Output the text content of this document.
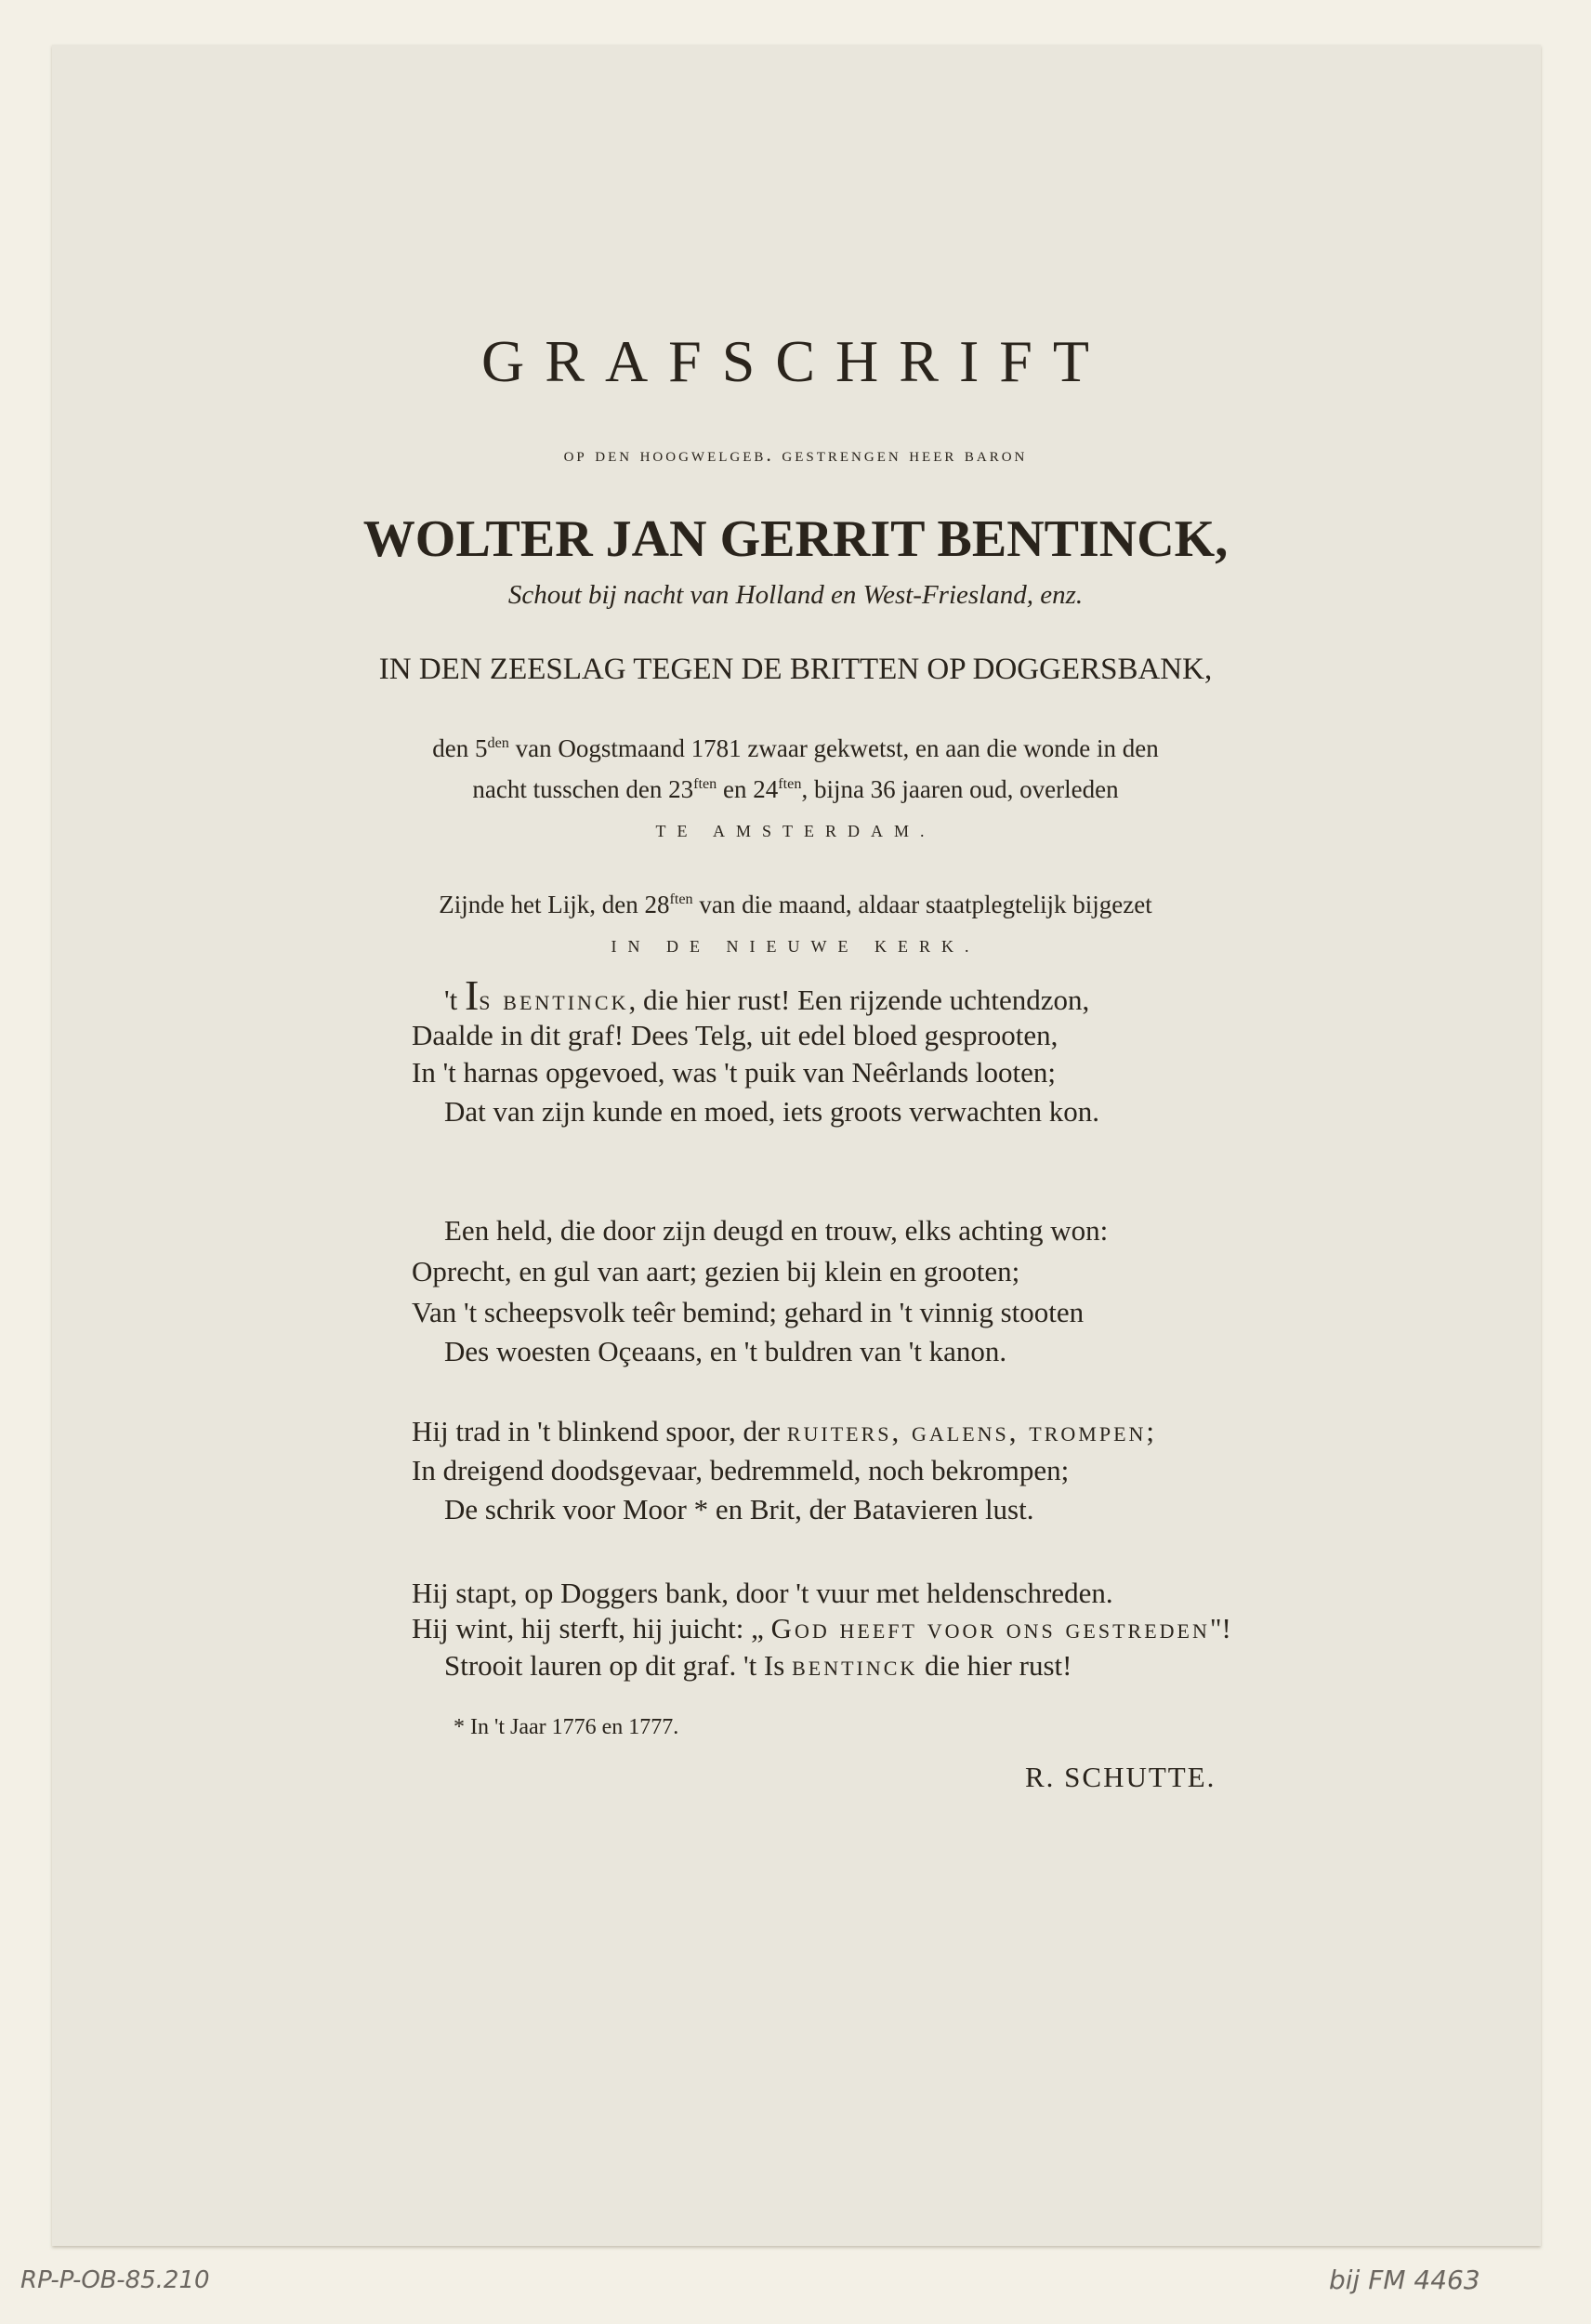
GRAFSCHRIFT
op den hoogwelgeb. gestrengen heer baron
WOLTER JAN GERRIT BENTINCK,
Schout bij nacht van Holland en West-Friesland, enz.
IN DEN ZEESLAG TEGEN DE BRITTEN OP DOGGERSBANK,
den $5^{den}$ van Oogstmaand 1781 zwaar gekwetst, en aan die wonde in den
nacht tusschen den $23^{ften}$ en $24^{ften}$, bijna 36 jaaren oud, overleden
TE AMSTERDAM.
Zijnde het Lijk, den $28^{ften}$ van die maand, aldaar staatplegtelijk bijgezet
IN DE NIEUWE KERK.
't Is bentinck, die hier rust! Een rijzende uchtendzon,
Daalde in dit graf! Dees Telg, uit edel bloed gesprooten,
In 't harnas opgevoed, was 't puik van Neêrlands looten;
Dat van zijn kunde en moed, iets groots verwachten kon.
Een held, die door zijn deugd en trouw, elks achting won:
Oprecht, en gul van aart; gezien bij klein en grooten;
Van 't scheepsvolk teêr bemind; gehard in 't vinnig stooten
Des woesten Oçeaans, en 't buldren van 't kanon.
Hij trad in 't blinkend spoor, der ruiters, galens, trompen;
In dreigend doodsgevaar, bedremmeld, noch bekrompen;
De schrik voor Moor * en Brit, der Batavieren lust.
Hij stapt, op Doggers bank, door 't vuur met heldenschreden.
Hij wint, hij sterft, hij juicht: „ God heeft voor ons gestreden"!
Strooit lauren op dit graf. 't Is bentinck die hier rust!
* In 't Jaar 1776 en 1777.
R. SCHUTTE.
RP-P-OB-85.210	bij FM 4463
